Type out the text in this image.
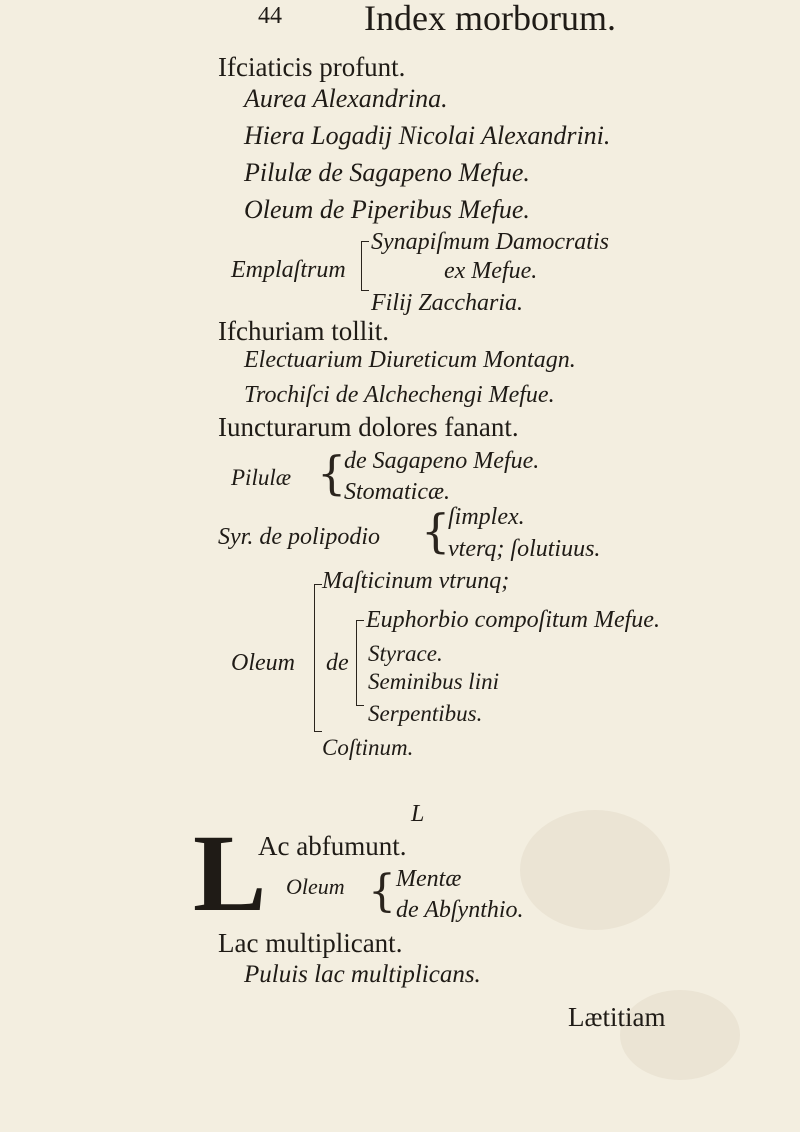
44 Index morborum.
Ifciaticis profunt.
Aurea Alexandrina.
Hiera Logadij Nicolai Alexandrini.
Pilulæ de Sagapeno Mefue.
Oleum de Piperibus Mefue.
Emplaſtrum
Synapiſmum Damocratis
ex Mefue.
Filij Zaccharia.
Ifchuriam tollit.
Electuarium Diureticum Montagn.
Trochiſci de Alchechengi Mefue.
Iuncturarum dolores fanant.
Pilulæ {
de Sagapeno Mefue.
Stomaticæ.
Syr. de polipodio {
ſimplex.
vterq; ſolutiuus.
Maſticinum vtrunq;
Oleum de
Euphorbio compoſitum Mefue.
Styrace.
Seminibus lini
Serpentibus.
Coſtinum.
L
L
Ac abfumunt.
Oleum { Mentæ
de Abſynthio.
Lac multiplicant.
Puluis lac multiplicans.
Lætitiam
